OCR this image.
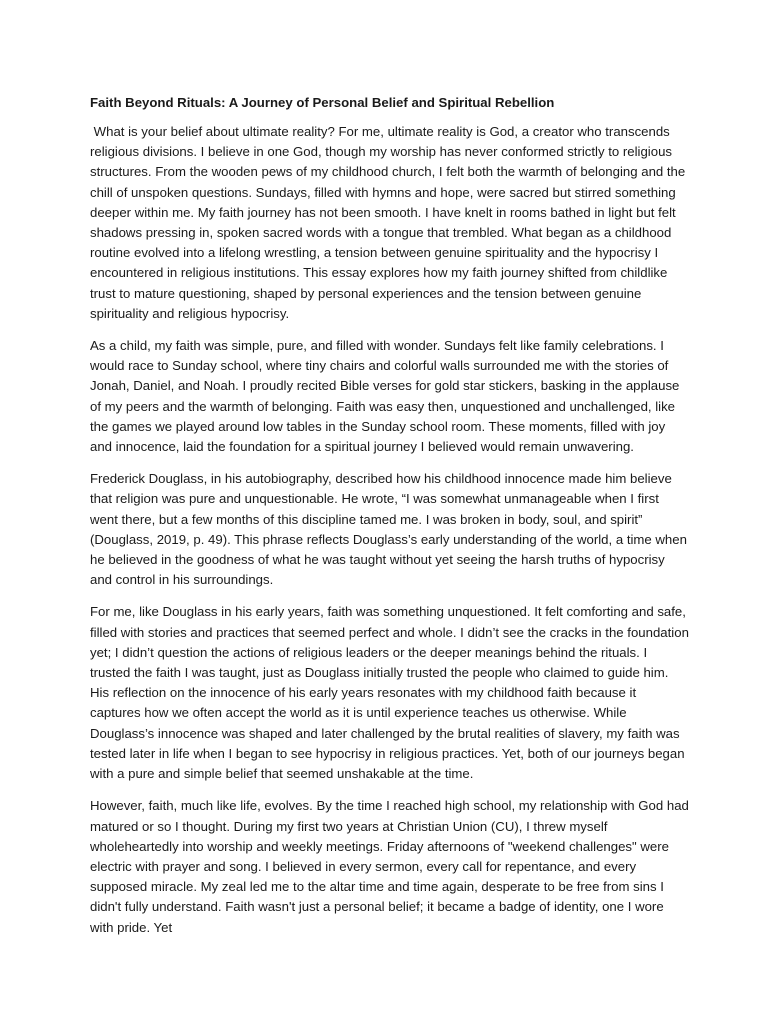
Faith Beyond Rituals: A Journey of Personal Belief and Spiritual Rebellion

What is your belief about ultimate reality? For me, ultimate reality is God, a creator who transcends religious divisions. I believe in one God, though my worship has never conformed strictly to religious structures. From the wooden pews of my childhood church, I felt both the warmth of belonging and the chill of unspoken questions. Sundays, filled with hymns and hope, were sacred but stirred something deeper within me. My faith journey has not been smooth. I have knelt in rooms bathed in light but felt shadows pressing in, spoken sacred words with a tongue that trembled. What began as a childhood routine evolved into a lifelong wrestling, a tension between genuine spirituality and the hypocrisy I encountered in religious institutions. This essay explores how my faith journey shifted from childlike trust to mature questioning, shaped by personal experiences and the tension between genuine spirituality and religious hypocrisy.

As a child, my faith was simple, pure, and filled with wonder. Sundays felt like family celebrations. I would race to Sunday school, where tiny chairs and colorful walls surrounded me with the stories of Jonah, Daniel, and Noah. I proudly recited Bible verses for gold star stickers, basking in the applause of my peers and the warmth of belonging. Faith was easy then, unquestioned and unchallenged, like the games we played around low tables in the Sunday school room. These moments, filled with joy and innocence, laid the foundation for a spiritual journey I believed would remain unwavering.

Frederick Douglass, in his autobiography, described how his childhood innocence made him believe that religion was pure and unquestionable. He wrote, “I was somewhat unmanageable when I first went there, but a few months of this discipline tamed me. I was broken in body, soul, and spirit” (Douglass, 2019, p. 49). This phrase reflects Douglass’s early understanding of the world, a time when he believed in the goodness of what he was taught without yet seeing the harsh truths of hypocrisy and control in his surroundings.

For me, like Douglass in his early years, faith was something unquestioned. It felt comforting and safe, filled with stories and practices that seemed perfect and whole. I didn’t see the cracks in the foundation yet; I didn’t question the actions of religious leaders or the deeper meanings behind the rituals. I trusted the faith I was taught, just as Douglass initially trusted the people who claimed to guide him. His reflection on the innocence of his early years resonates with my childhood faith because it captures how we often accept the world as it is until experience teaches us otherwise. While Douglass’s innocence was shaped and later challenged by the brutal realities of slavery, my faith was tested later in life when I began to see hypocrisy in religious practices. Yet, both of our journeys began with a pure and simple belief that seemed unshakable at the time.

However, faith, much like life, evolves. By the time I reached high school, my relationship with God had matured or so I thought. During my first two years at Christian Union (CU), I threw myself wholeheartedly into worship and weekly meetings. Friday afternoons of "weekend challenges" were electric with prayer and song. I believed in every sermon, every call for repentance, and every supposed miracle. My zeal led me to the altar time and time again, desperate to be free from sins I didn't fully understand. Faith wasn't just a personal belief; it became a badge of identity, one I wore with pride. Yet
